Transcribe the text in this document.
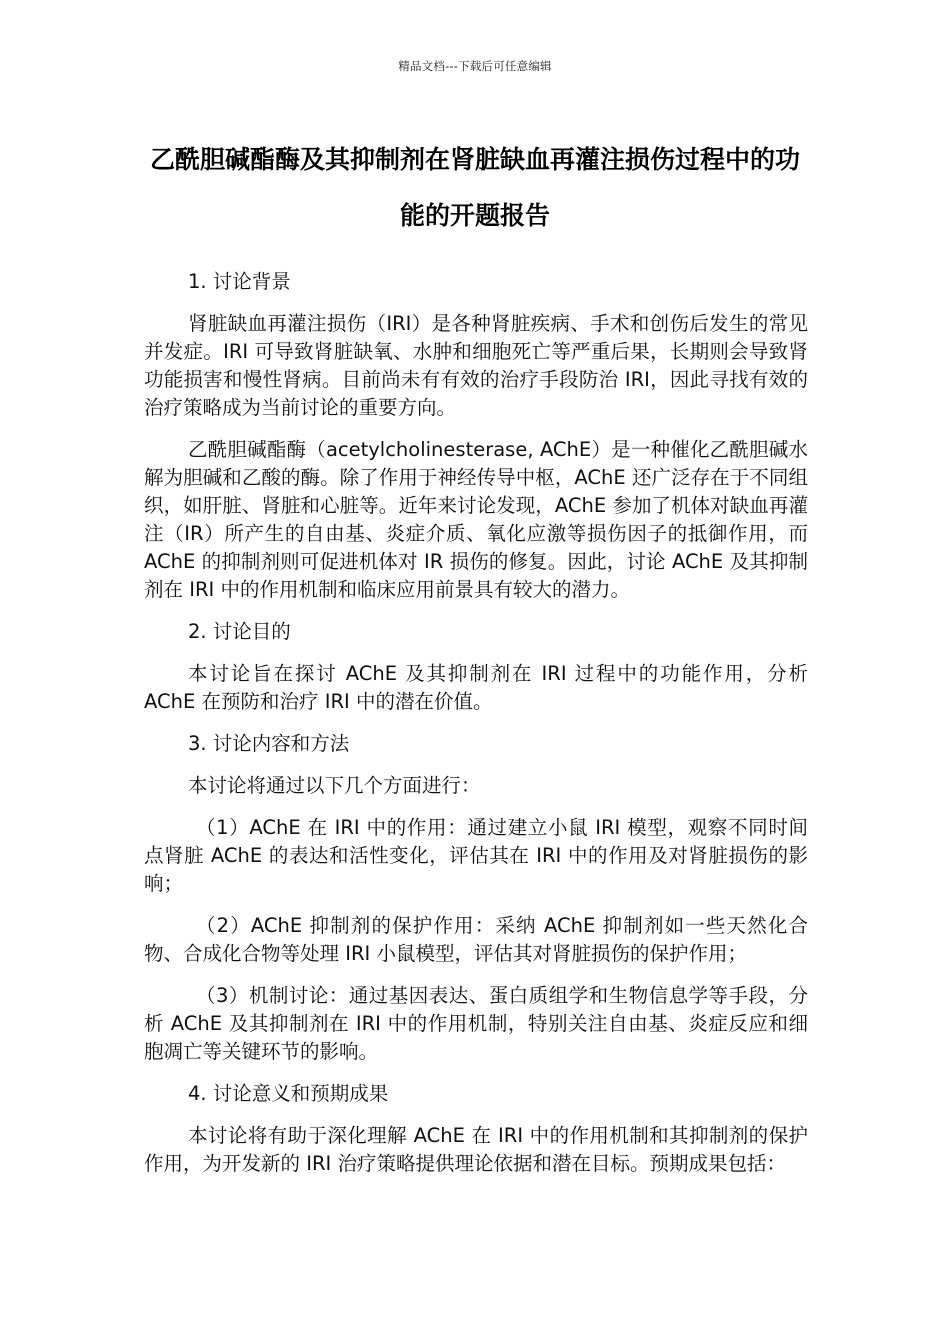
精品文档---下载后可任意编辑
乙酰胆碱酯酶及其抑制剂在肾脏缺血再灌注损伤过程中的功能的开题报告

1. 讨论背景

肾脏缺血再灌注损伤（IRI）是各种肾脏疾病、手术和创伤后发生的常见并发症。IRI 可导致肾脏缺氧、水肿和细胞死亡等严重后果，长期则会导致肾功能损害和慢性肾病。目前尚未有有效的治疗手段防治 IRI，因此寻找有效的治疗策略成为当前讨论的重要方向。

乙酰胆碱酯酶（acetylcholinesterase, AChE）是一种催化乙酰胆碱水解为胆碱和乙酸的酶。除了作用于神经传导中枢，AChE 还广泛存在于不同组织，如肝脏、肾脏和心脏等。近年来讨论发现，AChE 参加了机体对缺血再灌注（IR）所产生的自由基、炎症介质、氧化应激等损伤因子的抵御作用，而 AChE 的抑制剂则可促进机体对 IR 损伤的修复。因此，讨论 AChE 及其抑制剂在 IRI 中的作用机制和临床应用前景具有较大的潜力。

2. 讨论目的

本讨论旨在探讨 AChE 及其抑制剂在 IRI 过程中的功能作用，分析 AChE 在预防和治疗 IRI 中的潜在价值。

3. 讨论内容和方法

本讨论将通过以下几个方面进行：

（1）AChE 在 IRI 中的作用：通过建立小鼠 IRI 模型，观察不同时间点肾脏 AChE 的表达和活性变化，评估其在 IRI 中的作用及对肾脏损伤的影响；

（2）AChE 抑制剂的保护作用：采纳 AChE 抑制剂如一些天然化合物、合成化合物等处理 IRI 小鼠模型，评估其对肾脏损伤的保护作用；

（3）机制讨论：通过基因表达、蛋白质组学和生物信息学等手段，分析 AChE 及其抑制剂在 IRI 中的作用机制，特别关注自由基、炎症反应和细胞凋亡等关键环节的影响。

4. 讨论意义和预期成果

本讨论将有助于深化理解 AChE 在 IRI 中的作用机制和其抑制剂的保护作用，为开发新的 IRI 治疗策略提供理论依据和潜在目标。预期成果包括：
